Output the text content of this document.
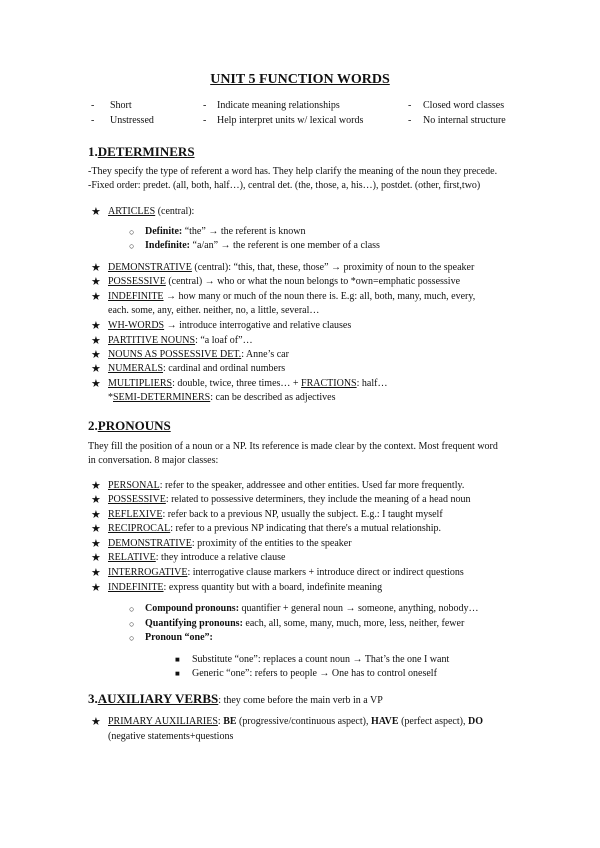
UNIT 5 FUNCTION WORDS
- Short
- Unstressed
- Indicate meaning relationships
- Help interpret units w/ lexical words
- Closed word classes
- No internal structure
1.DETERMINERS
-They specify the type of referent a word has. They help clarify the meaning of the noun they precede.
-Fixed order: predet. (all, both, half…), central det. (the, those, a, his…), postdet. (other, first,two)
★ ARTICLES (central):
○ Definite: “the” → the referent is known
○ Indefinite: “a/an” → the referent is one member of a class
★ DEMONSTRATIVE (central): “this, that, these, those” → proximity of noun to the speaker
★ POSSESSIVE (central) → who or what the noun belongs to *own=emphatic possessive
★ INDEFINITE → how many or much of the noun there is. E.g: all, both, many, much, every,
each. some, any, either. neither, no, a little, several…
★ WH-WORDS → introduce interrogative and relative clauses
★ PARTITIVE NOUNS: “a loaf of”…
★ NOUNS AS POSSESSIVE DET.: Anne’s car
★ NUMERALS: cardinal and ordinal numbers
★ MULTIPLIERS: double, twice, three times… + FRACTIONS: half…
*SEMI-DETERMINERS: can be described as adjectives
2.PRONOUNS
They fill the position of a noun or a NP. Its reference is made clear by the context. Most frequent word
in conversation. 8 major classes:
★ PERSONAL: refer to the speaker, addressee and other entities. Used far more frequently.
★ POSSESSIVE: related to possessive determiners, they include the meaning of a head noun
★ REFLEXIVE: refer back to a previous NP, usually the subject. E.g.: I taught myself
★ RECIPROCAL: refer to a previous NP indicating that there's a mutual relationship.
★ DEMONSTRATIVE: proximity of the entities to the speaker
★ RELATIVE: they introduce a relative clause
★ INTERROGATIVE: interrogative clause markers + introduce direct or indirect questions
★ INDEFINITE: express quantity but with a board, indefinite meaning
○ Compound pronouns: quantifier + general noun → someone, anything, nobody…
○ Quantifying pronouns: each, all, some, many, much, more, less, neither, fewer
○ Pronoun “one”:
■ Substitute “one”: replaces a count noun → That’s the one I want
■ Generic “one”: refers to people → One has to control oneself
3.AUXILIARY VERBS: they come before the main verb in a VP
★ PRIMARY AUXILIARIES: BE (progressive/continuous aspect), HAVE (perfect aspect), DO
(negative statements+questions
